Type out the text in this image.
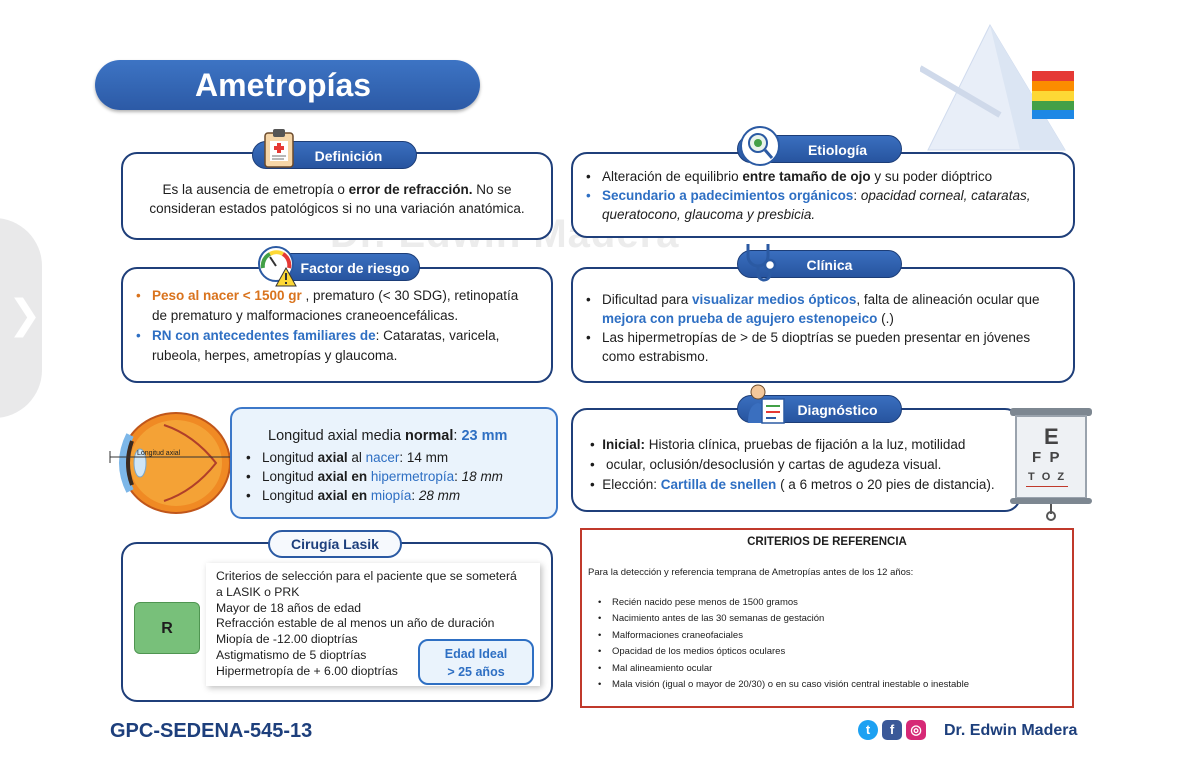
❯
Ametropías
Definición
Es la ausencia de emetropía o error de refracción. No se
consideran estados patológicos si no una variación anatómica.
Etiología
• Alteración de equilibrio entre tamaño de ojo y su poder dióptrico
• Secundario a padecimientos orgánicos: opacidad corneal, cataratas,
queratocono, glaucoma y presbicia.
Factor de riesgo
• Peso al nacer < 1500 gr , prematuro (< 30 SDG), retinopatía
de prematuro y malformaciones craneoencefálicas.
• RN con antecedentes familiares de: Cataratas, varicela,
rubeola, herpes, ametropías y glaucoma.
Clínica
• Dificultad para visualizar medios ópticos, falta de alineación ocular que
mejora con prueba de agujero estenopeico (.)
• Las hipermetropías de > de 5 dioptrías se pueden presentar en jóvenes
como estrabismo.
Longitud axial
Longitud axial media normal: 23 mm
• Longitud axial al nacer: 14 mm
• Longitud axial en hipermetropía: 18 mm
• Longitud axial en miopía: 28 mm
Diagnóstico
•  Inicial: Historia clínica, pruebas de fijación a la luz, motilidad
•   ocular, oclusión/desoclusión y cartas de agudeza visual.
•  Elección: Cartilla de snellen ( a 6 metros o 20 pies de distancia).
E
F  P
T O Z
Cirugía Lasik
R
Criterios de selección para el paciente que se someterá
a LASIK o PRK
Mayor de 18 años de edad
Refracción estable de al menos un año de duración
Miopía de -12.00 dioptrías
Astigmatismo de 5 dioptrías
Hipermetropía de + 6.00 dioptrías
Edad Ideal
> 25 años
CRITERIOS DE REFERENCIA
Para la detección y referencia temprana de Ametropías antes de los 12 años:
• Recién nacido pese menos de 1500 gramos
• Nacimiento antes de las 30 semanas de gestación
• Malformaciones craneofaciales
• Opacidad de los medios ópticos oculares
• Mal alineamiento ocular
• Mala visión (igual o mayor de 20/30) o en su caso visión central inestable o inestable
GPC-SEDENA-545-13	t	f	◎ Dr. Edwin Madera
